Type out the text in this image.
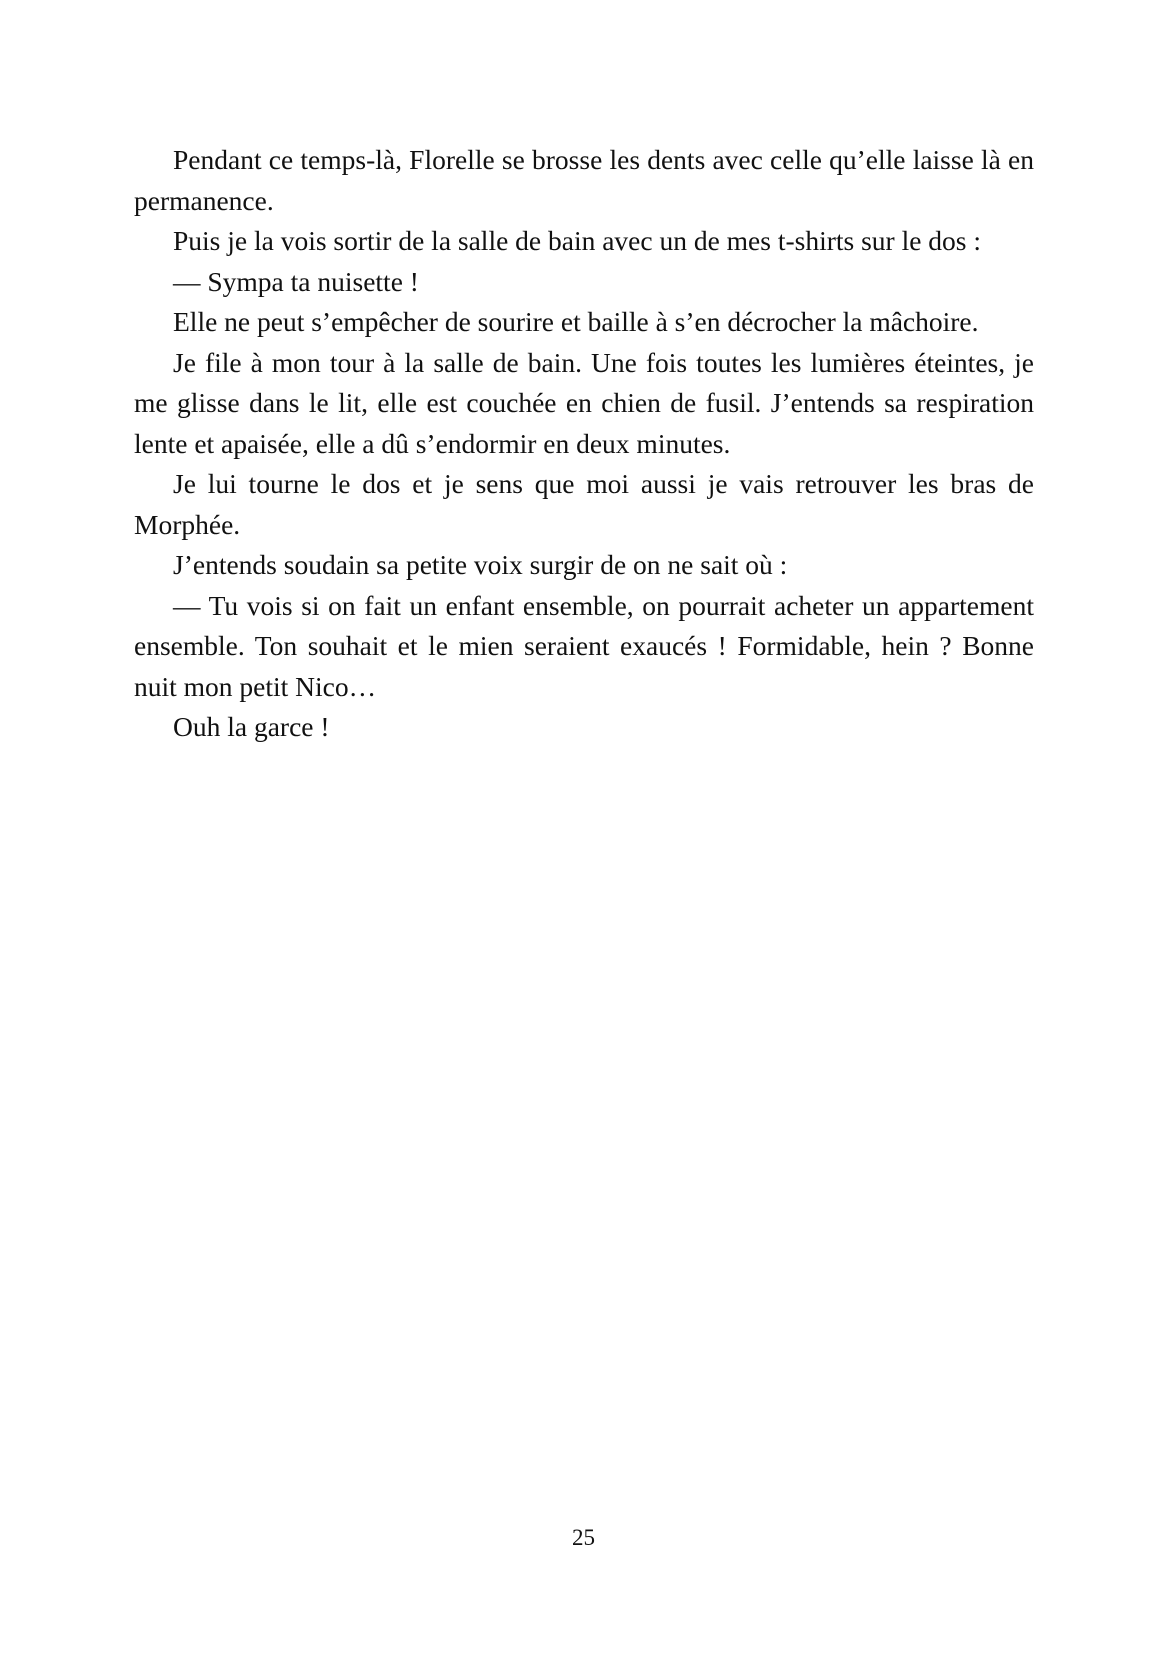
Pendant ce temps-là, Florelle se brosse les dents avec celle qu’elle laisse là en permanence.

Puis je la vois sortir de la salle de bain avec un de mes t-shirts sur le dos :

— Sympa ta nuisette !

Elle ne peut s’empêcher de sourire et baille à s’en décrocher la mâchoire.

Je file à mon tour à la salle de bain. Une fois toutes les lumières éteintes, je me glisse dans le lit, elle est couchée en chien de fusil. J’entends sa respiration lente et apaisée, elle a dû s’endormir en deux minutes.

Je lui tourne le dos et je sens que moi aussi je vais retrouver les bras de Morphée.

J’entends soudain sa petite voix surgir de on ne sait où :

— Tu vois si on fait un enfant ensemble, on pourrait acheter un appartement ensemble. Ton souhait et le mien seraient exaucés ! Formidable, hein ? Bonne nuit mon petit Nico…

Ouh la garce !

25
